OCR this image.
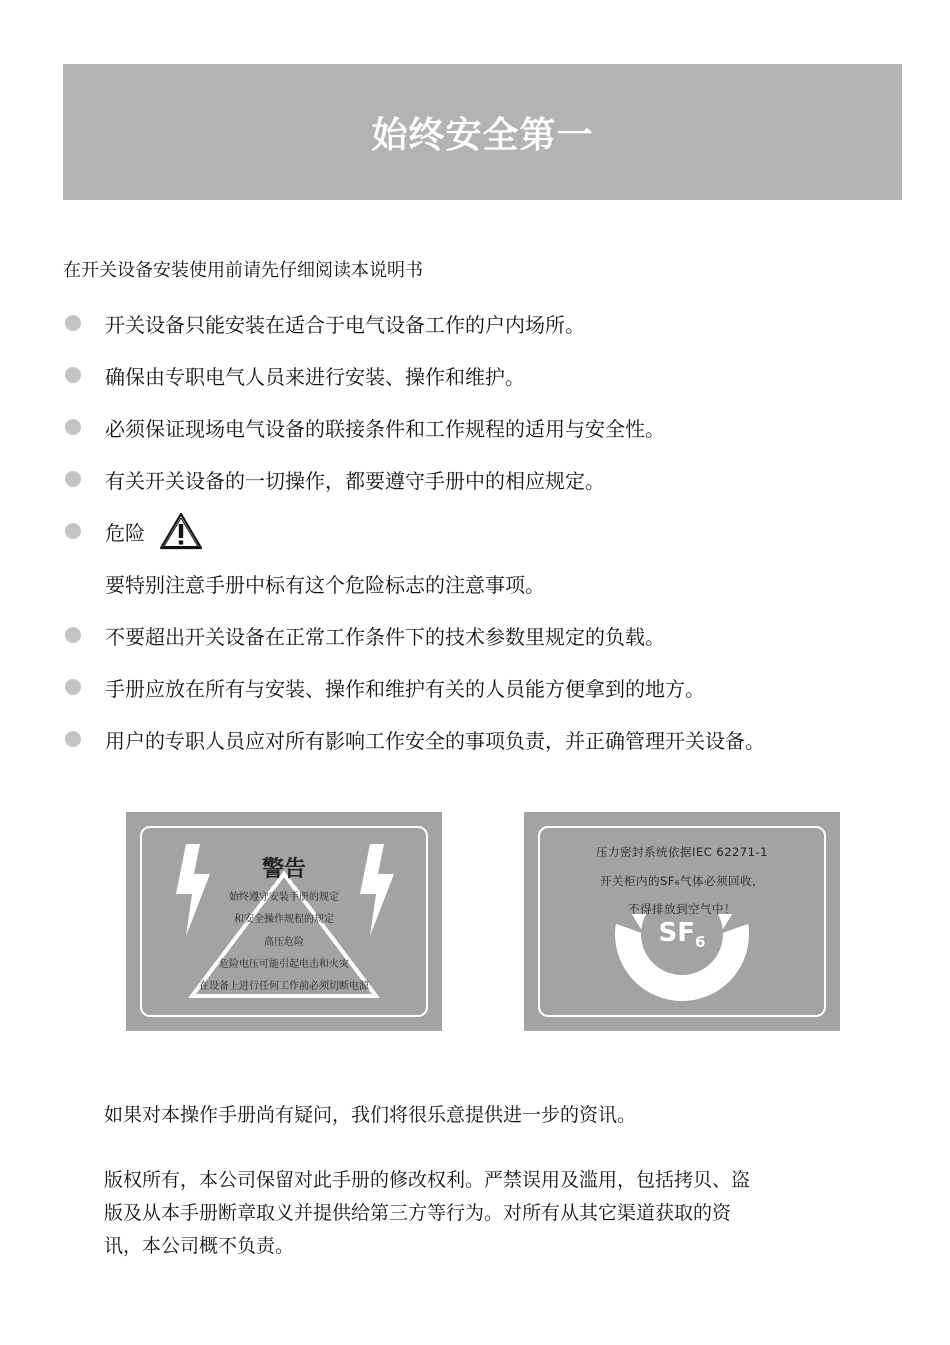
始终安全第一
在开关设备安装使用前请先仔细阅读本说明书
开关设备只能安装在适合于电气设备工作的户内场所。
确保由专职电气人员来进行安装、操作和维护。
必须保证现场电气设备的联接条件和工作规程的适用与安全性。
有关开关设备的一切操作，都要遵守手册中的相应规定。
危险
要特别注意手册中标有这个危险标志的注意事项。
不要超出开关设备在正常工作条件下的技术参数里规定的负载。
手册应放在所有与安装、操作和维护有关的人员能方便拿到的地方。
用户的专职人员应对所有影响工作安全的事项负责，并正确管理开关设备。
警告
始终遵守安装手册的规定
和安全操作规程的规定
高压危险
危险电压可能引起电击和火灾
在设备上进行任何工作前必须切断电源
压力密封系统依据IEC 62271-1
开关柜内的SF₆气体必须回收，
不得排放到空气中！
$SF_6$
如果对本操作手册尚有疑问，我们将很乐意提供进一步的资讯。
版权所有，本公司保留对此手册的修改权利。严禁误用及滥用，包括拷贝、盗
版及从本手册断章取义并提供给第三方等行为。对所有从其它渠道获取的资
讯，本公司概不负责。
